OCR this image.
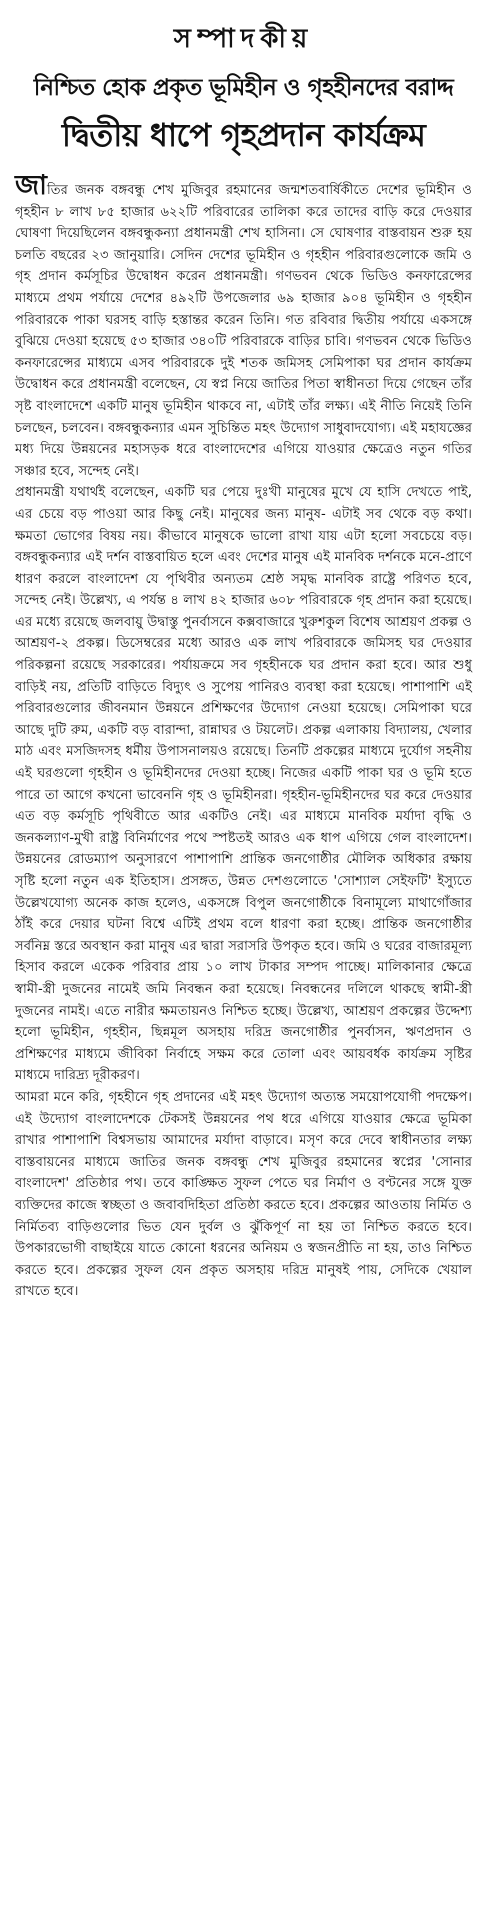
সম্পাদকীয়
নিশ্চিত হোক প্রকৃত ভূমিহীন ও গৃহহীনদের বরাদ্দ
দ্বিতীয় ধাপে গৃহপ্রদান কার্যক্রম

জাতির জনক বঙ্গবন্ধু শেখ মুজিবুর রহমানের জন্মশতবার্ষিকীতে দেশের ভূমিহীন ও গৃহহীন ৮ লাখ ৮৫ হাজার ৬২২টি পরিবারের তালিকা করে তাদের বাড়ি করে দেওয়ার ঘোষণা দিয়েছিলেন বঙ্গবন্ধুকন্যা প্রধানমন্ত্রী শেখ হাসিনা। সে ঘোষণার বাস্তবায়ন শুরু হয় চলতি বছরের ২৩ জানুয়ারি। সেদিন দেশের ভূমিহীন ও গৃহহীন পরিবারগুলোকে জমি ও গৃহ প্রদান কর্মসূচির উদ্বোধন করেন প্রধানমন্ত্রী। গণভবন থেকে ভিডিও কনফারেন্সের মাধ্যমে প্রথম পর্যায়ে দেশের ৪৯২টি উপজেলার ৬৯ হাজার ৯০৪ ভূমিহীন ও গৃহহীন পরিবারকে পাকা ঘরসহ বাড়ি হস্তান্তর করেন তিনি। গত রবিবার দ্বিতীয় পর্যায়ে একসঙ্গে বুঝিয়ে দেওয়া হয়েছে ৫৩ হাজার ৩৪০টি পরিবারকে বাড়ির চাবি। গণভবন থেকে ভিডিও কনফারেন্সের মাধ্যমে এসব পরিবারকে দুই শতক জমিসহ সেমিপাকা ঘর প্রদান কার্যক্রম উদ্বোধন করে প্রধানমন্ত্রী বলেছেন, যে স্বপ্ন নিয়ে জাতির পিতা স্বাধীনতা দিয়ে গেছেন তাঁর সৃষ্ট বাংলাদেশে একটি মানুষ ভূমিহীন থাকবে না, এটাই তাঁর লক্ষ্য। এই নীতি নিয়েই তিনি চলছেন, চলবেন। বঙ্গবন্ধুকন্যার এমন সুচিন্তিত মহৎ উদ্যোগ সাধুবাদযোগ্য। এই মহাযজ্ঞের মধ্য দিয়ে উন্নয়নের মহাসড়ক ধরে বাংলাদেশের এগিয়ে যাওয়ার ক্ষেত্রেও নতুন গতির সঞ্চার হবে, সন্দেহ নেই।

প্রধানমন্ত্রী যথার্থই বলেছেন, একটি ঘর পেয়ে দুঃখী মানুষের মুখে যে হাসি দেখতে পাই, এর চেয়ে বড় পাওয়া আর কিছু নেই। মানুষের জন্য মানুষ- এটাই সব থেকে বড় কথা। ক্ষমতা ভোগের বিষয় নয়। কীভাবে মানুষকে ভালো রাখা যায় এটা হলো সবচেয়ে বড়। বঙ্গবন্ধুকন্যার এই দর্শন বাস্তবায়িত হলে এবং দেশের মানুষ এই মানবিক দর্শনকে মনে-প্রাণে ধারণ করলে বাংলাদেশ যে পৃথিবীর অন্যতম শ্রেষ্ঠ সমৃদ্ধ মানবিক রাষ্ট্রে পরিণত হবে, সন্দেহ নেই। উল্লেখ্য, এ পর্যন্ত ৪ লাখ ৪২ হাজার ৬০৮ পরিবারকে গৃহ প্রদান করা হয়েছে। এর মধ্যে রয়েছে জলবায়ু উদ্বাস্তু পুনর্বাসনে কক্সবাজারে খুরুশকুল বিশেষ আশ্রয়ণ প্রকল্প ও আশ্রয়ণ-২ প্রকল্প। ডিসেম্বরের মধ্যে আরও এক লাখ পরিবারকে জমিসহ ঘর দেওয়ার পরিকল্পনা রয়েছে সরকারের। পর্যায়ক্রমে সব গৃহহীনকে ঘর প্রদান করা হবে। আর শুধু বাড়িই নয়, প্রতিটি বাড়িতে বিদ্যুৎ ও সুপেয় পানিরও ব্যবস্থা করা হয়েছে। পাশাপাশি এই পরিবারগুলোর জীবনমান উন্নয়নে প্রশিক্ষণের উদ্যোগ নেওয়া হয়েছে। সেমিপাকা ঘরে আছে দুটি রুম, একটি বড় বারান্দা, রান্নাঘর ও টয়লেট। প্রকল্প এলাকায় বিদ্যালয়, খেলার মাঠ এবং মসজিদসহ ধর্মীয় উপাসনালয়ও রয়েছে। তিনটি প্রকল্পের মাধ্যমে দুর্যোগ সহনীয় এই ঘরগুলো গৃহহীন ও ভূমিহীনদের দেওয়া হচ্ছে। নিজের একটি পাকা ঘর ও ভূমি হতে পারে তা আগে কখনো ভাবেননি গৃহ ও ভূমিহীনরা। গৃহহীন-ভূমিহীনদের ঘর করে দেওয়ার এত বড় কর্মসূচি পৃথিবীতে আর একটিও নেই। এর মাধ্যমে মানবিক মর্যাদা বৃদ্ধি ও জনকল্যাণ-মুখী রাষ্ট্র বিনির্মাণের পথে স্পষ্টতই আরও এক ধাপ এগিয়ে গেল বাংলাদেশ। উন্নয়নের রোডম্যাপ অনুসারণে পাশাপাশি প্রান্তিক জনগোষ্ঠীর মৌলিক অধিকার রক্ষায় সৃষ্টি হলো নতুন এক ইতিহাস। প্রসঙ্গত, উন্নত দেশগুলোতে 'সোশ্যাল সেইফটি' ইস্যুতে উল্লেখযোগ্য অনেক কাজ হলেও, একসঙ্গে বিপুল জনগোষ্ঠীকে বিনামূল্যে মাথাগোঁজার ঠাঁই করে দেয়ার ঘটনা বিশ্বে এটিই প্রথম বলে ধারণা করা হচ্ছে। প্রান্তিক জনগোষ্ঠীর সর্বনিম্ন স্তরে অবস্থান করা মানুষ এর দ্বারা সরাসরি উপকৃত হবে। জমি ও ঘরের বাজারমূল্য হিসাব করলে একেক পরিবার প্রায় ১০ লাখ টাকার সম্পদ পাচ্ছে। মালিকানার ক্ষেত্রে স্বামী-স্ত্রী দুজনের নামেই জমি নিবন্ধন করা হয়েছে। নিবন্ধনের দলিলে থাকছে স্বামী-স্ত্রী দুজনের নামই। এতে নারীর ক্ষমতায়নও নিশ্চিত হচ্ছে। উল্লেখ্য, আশ্রয়ণ প্রকল্পের উদ্দেশ্য হলো ভূমিহীন, গৃহহীন, ছিন্নমূল অসহায় দরিদ্র জনগোষ্ঠীর পুনর্বাসন, ঋণপ্রদান ও প্রশিক্ষণের মাধ্যমে জীবিকা নির্বাহে সক্ষম করে তোলা এবং আয়বর্ধক কার্যক্রম সৃষ্টির মাধ্যমে দারিদ্র্য দূরীকরণ।

আমরা মনে করি, গৃহহীনে গৃহ প্রদানের এই মহৎ উদ্যোগ অত্যন্ত সময়োপযোগী পদক্ষেপ। এই উদ্যোগ বাংলাদেশকে টেকসই উন্নয়নের পথ ধরে এগিয়ে যাওয়ার ক্ষেত্রে ভূমিকা রাখার পাশাপাশি বিশ্বসভায় আমাদের মর্যাদা বাড়াবে। মসৃণ করে দেবে স্বাধীনতার লক্ষ্য বাস্তবায়নের মাধ্যমে জাতির জনক বঙ্গবন্ধু শেখ মুজিবুর রহমানের স্বপ্নের 'সোনার বাংলাদেশ' প্রতিষ্ঠার পথ। তবে কাঙ্ক্ষিত সুফল পেতে ঘর নির্মাণ ও বণ্টনের সঙ্গে যুক্ত ব্যক্তিদের কাজে স্বচ্ছতা ও জবাবদিহিতা প্রতিষ্ঠা করতে হবে। প্রকল্পের আওতায় নির্মিত ও নির্মিতব্য বাড়িগুলোর ভিত যেন দুর্বল ও ঝুঁকিপূর্ণ না হয় তা নিশ্চিত করতে হবে। উপকারভোগী বাছাইয়ে যাতে কোনো ধরনের অনিয়ম ও স্বজনপ্রীতি না হয়, তাও নিশ্চিত করতে হবে। প্রকল্পের সুফল যেন প্রকৃত অসহায় দরিদ্র মানুষই পায়, সেদিকে খেয়াল রাখতে হবে।
